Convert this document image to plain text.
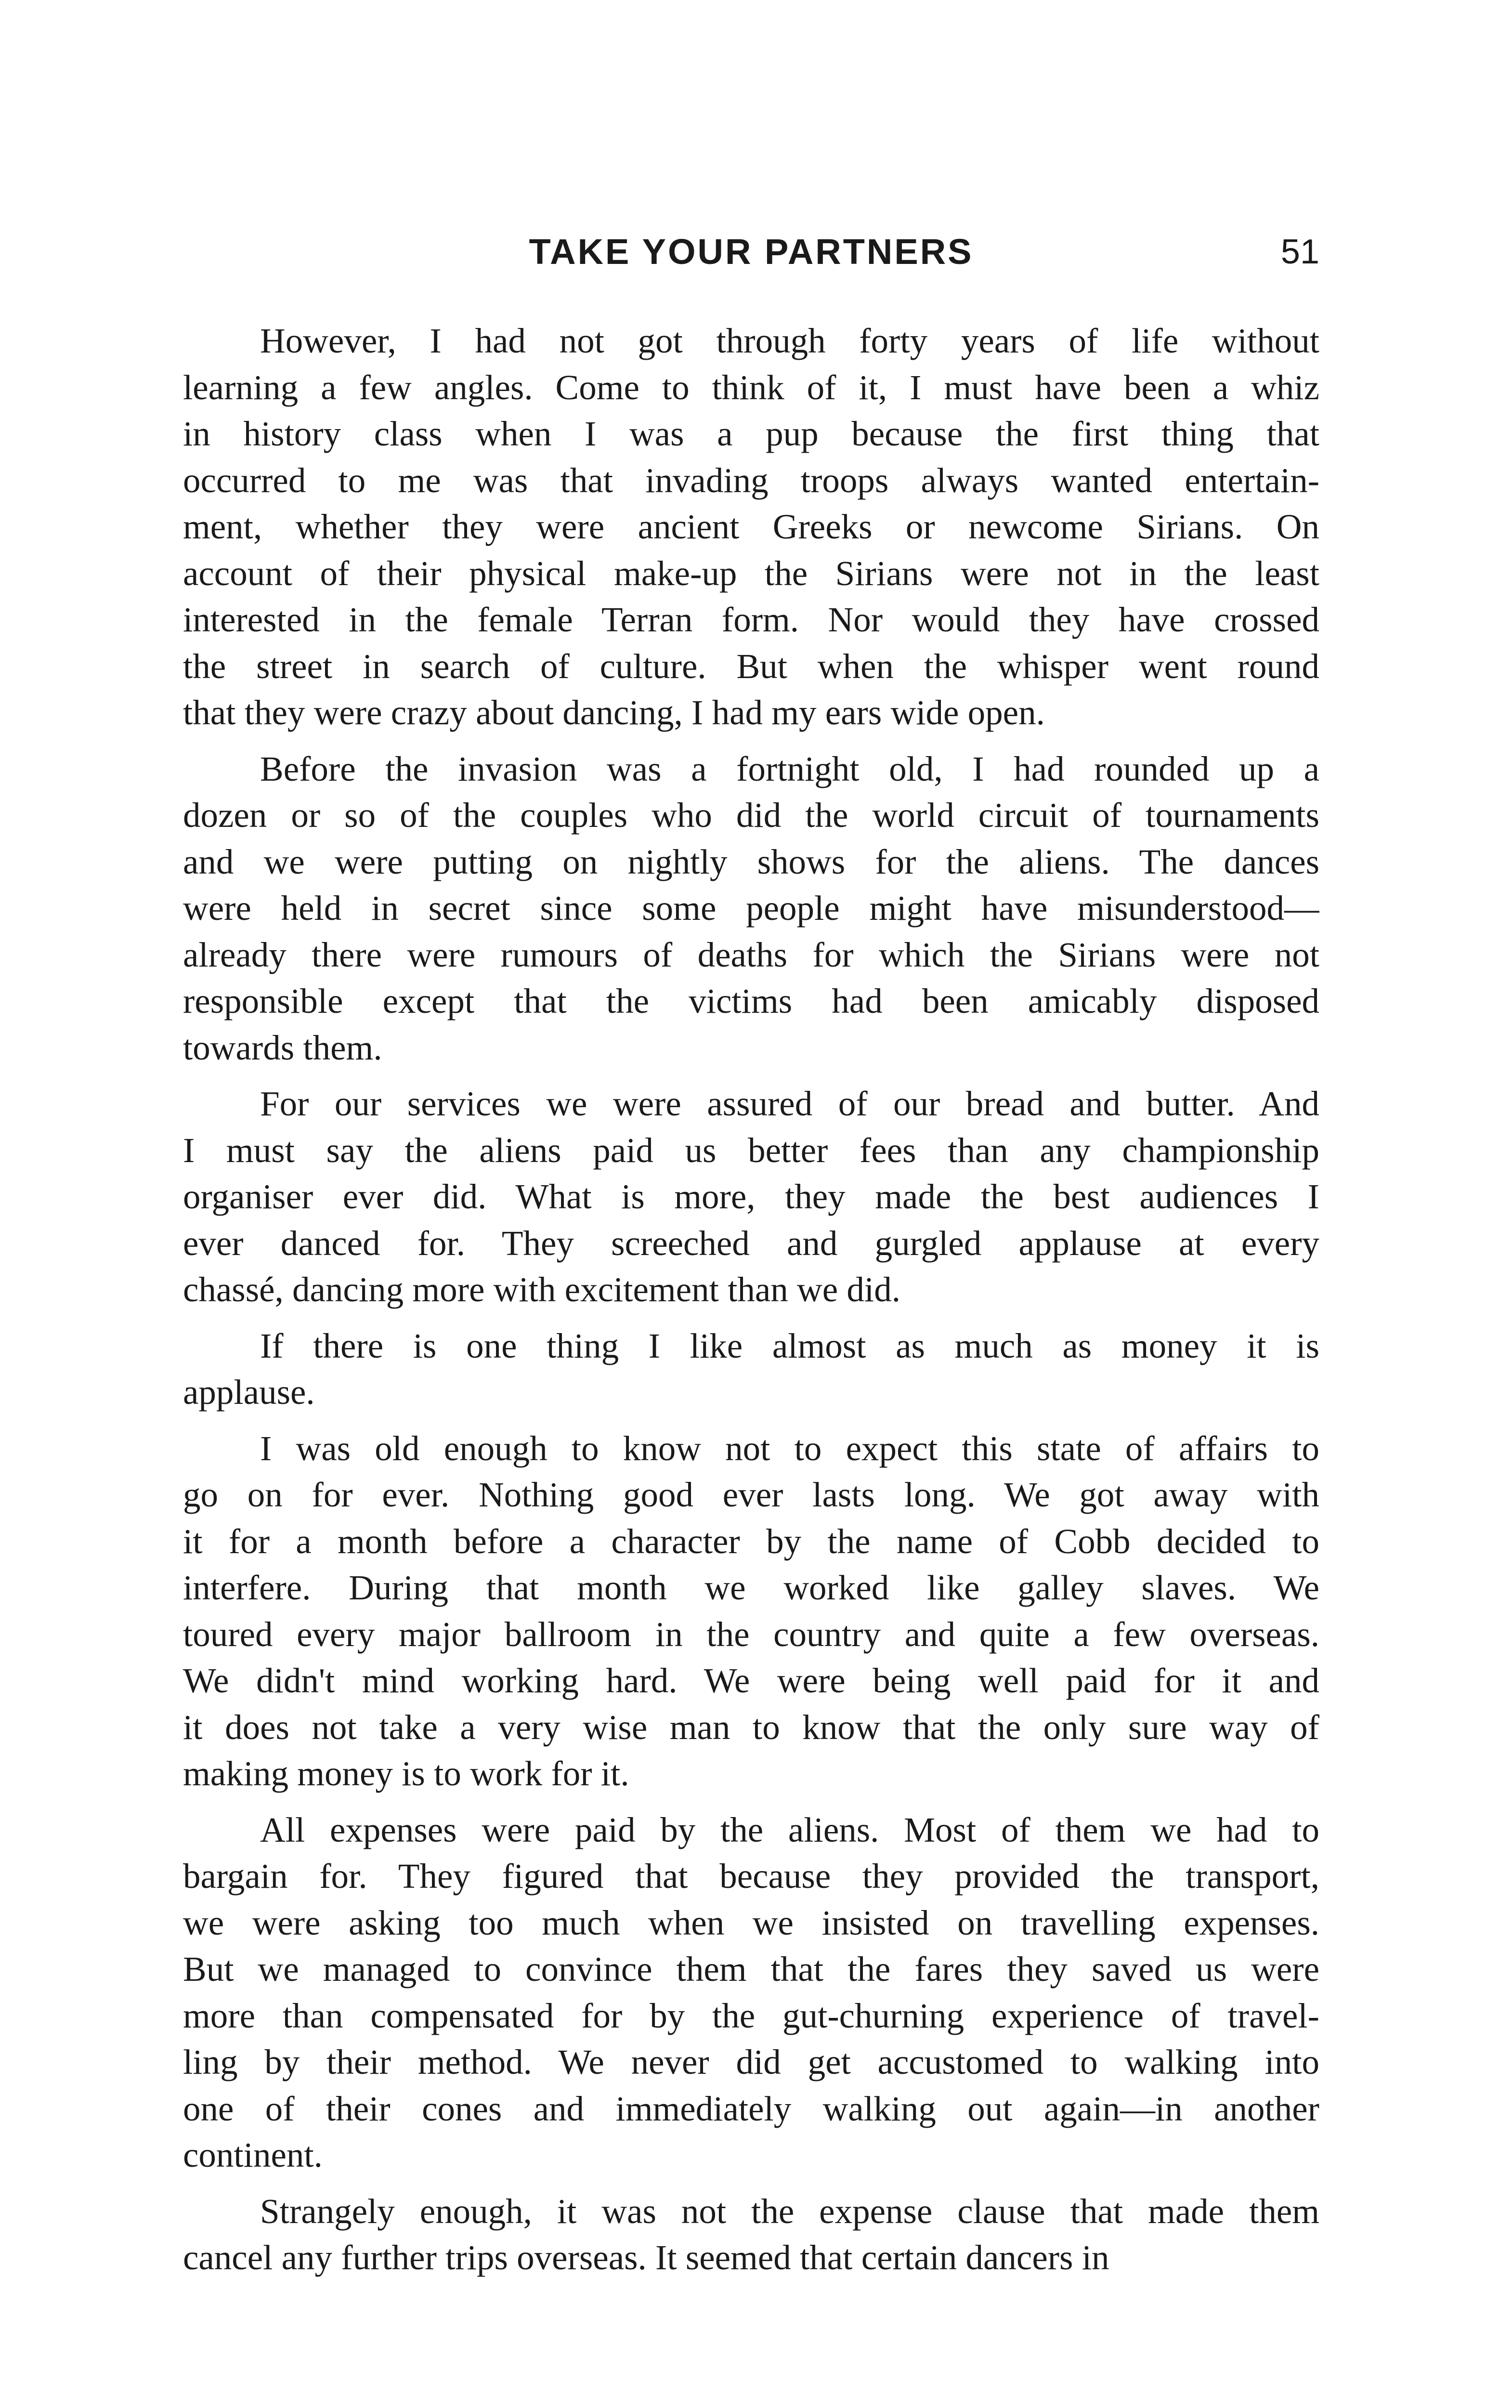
TAKE YOUR PARTNERS	51

However, I had not got through forty years of life without
learning a few angles. Come to think of it, I must have been a whiz
in history class when I was a pup because the first thing that
occurred to me was that invading troops always wanted entertain-
ment, whether they were ancient Greeks or newcome Sirians. On
account of their physical make-up the Sirians were not in the least
interested in the female Terran form. Nor would they have crossed
the street in search of culture. But when the whisper went round
that they were crazy about dancing, I had my ears wide open.

Before the invasion was a fortnight old, I had rounded up a
dozen or so of the couples who did the world circuit of tournaments
and we were putting on nightly shows for the aliens. The dances
were held in secret since some people might have misunderstood—
already there were rumours of deaths for which the Sirians were not
responsible except that the victims had been amicably disposed
towards them.

For our services we were assured of our bread and butter. And
I must say the aliens paid us better fees than any championship
organiser ever did. What is more, they made the best audiences I
ever danced for. They screeched and gurgled applause at every
chassé, dancing more with excitement than we did.

If there is one thing I like almost as much as money it is
applause.

I was old enough to know not to expect this state of affairs to
go on for ever. Nothing good ever lasts long. We got away with
it for a month before a character by the name of Cobb decided to
interfere. During that month we worked like galley slaves. We
toured every major ballroom in the country and quite a few overseas.
We didn't mind working hard. We were being well paid for it and
it does not take a very wise man to know that the only sure way of
making money is to work for it.

All expenses were paid by the aliens. Most of them we had to
bargain for. They figured that because they provided the transport,
we were asking too much when we insisted on travelling expenses.
But we managed to convince them that the fares they saved us were
more than compensated for by the gut-churning experience of travel-
ling by their method. We never did get accustomed to walking into
one of their cones and immediately walking out again—in another
continent.

Strangely enough, it was not the expense clause that made them
cancel any further trips overseas. It seemed that certain dancers in
